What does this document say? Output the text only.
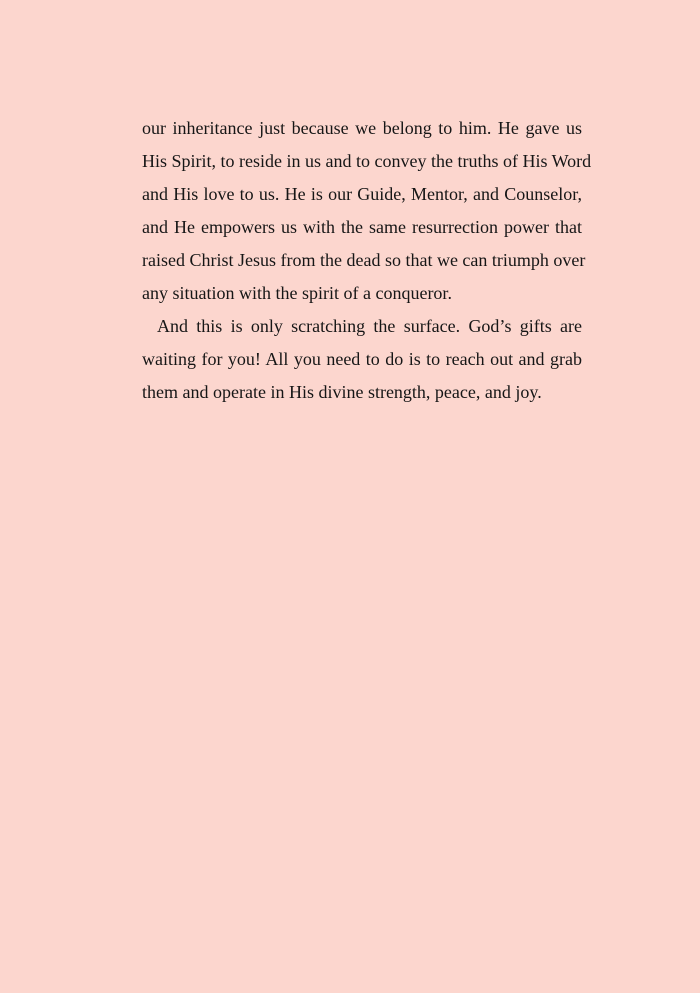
our inheritance just because we belong to him. He gave us
His Spirit, to reside in us and to convey the truths of His Word
and His love to us. He is our Guide, Mentor, and Counselor,
and He empowers us with the same resurrection power that
raised Christ Jesus from the dead so that we can triumph over
any situation with the spirit of a conqueror.
And this is only scratching the surface. God’s gifts are
waiting for you! All you need to do is to reach out and grab
them and operate in His divine strength, peace, and joy.
